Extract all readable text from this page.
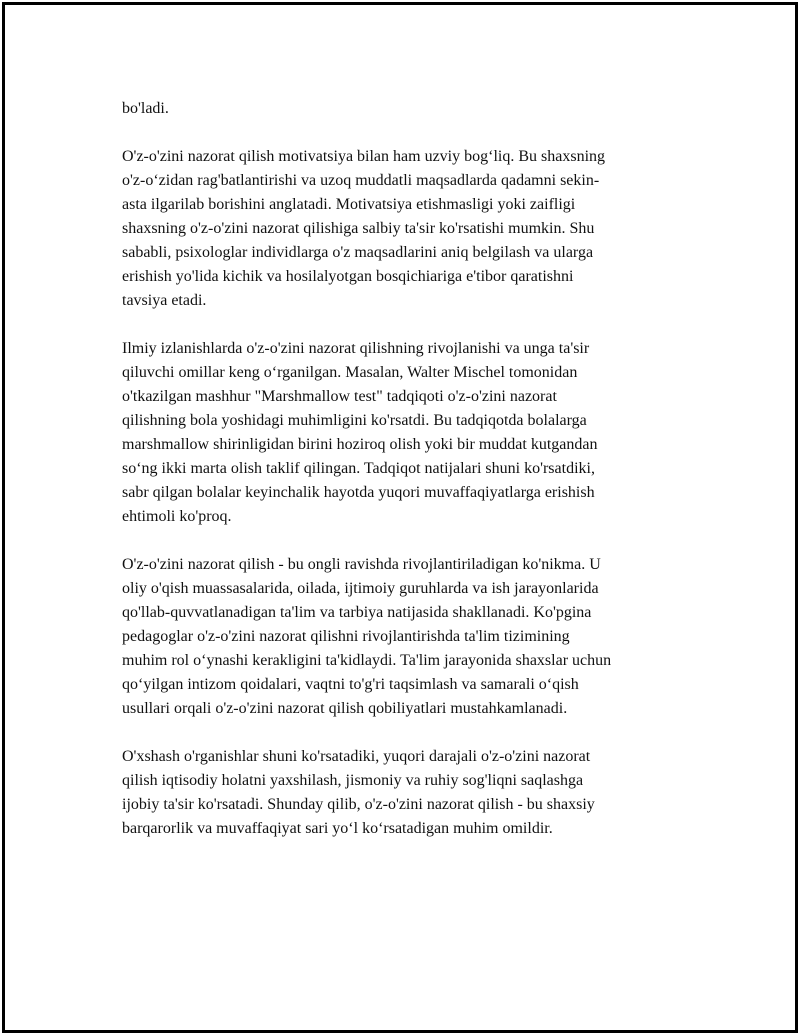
bo'ladi.

O'z-o'zini nazorat qilish motivatsiya bilan ham uzviy bog‘liq. Bu shaxsning
o'z-o‘zidan rag'batlantirishi va uzoq muddatli maqsadlarda qadamni sekin-
asta ilgarilab borishini anglatadi. Motivatsiya etishmasligi yoki zaifligi
shaxsning o'z-o'zini nazorat qilishiga salbiy ta'sir ko'rsatishi mumkin. Shu
sababli, psixologlar individlarga o'z maqsadlarini aniq belgilash va ularga
erishish yo'lida kichik va hosilalyotgan bosqichiariga e'tibor qaratishni
tavsiya etadi.

Ilmiy izlanishlarda o'z-o'zini nazorat qilishning rivojlanishi va unga ta'sir
qiluvchi omillar keng o‘rganilgan. Masalan, Walter Mischel tomonidan
o'tkazilgan mashhur "Marshmallow test" tadqiqoti o'z-o'zini nazorat
qilishning bola yoshidagi muhimligini ko'rsatdi. Bu tadqiqotda bolalarga
marshmallow shirinligidan birini hoziroq olish yoki bir muddat kutgandan
so‘ng ikki marta olish taklif qilingan. Tadqiqot natijalari shuni ko'rsatdiki,
sabr qilgan bolalar keyinchalik hayotda yuqori muvaffaqiyatlarga erishish
ehtimoli ko'proq.

O'z-o'zini nazorat qilish - bu ongli ravishda rivojlantiriladigan ko'nikma. U
oliy o'qish muassasalarida, oilada, ijtimoiy guruhlarda va ish jarayonlarida
qo'llab-quvvatlanadigan ta'lim va tarbiya natijasida shakllanadi. Ko'pgina
pedagoglar o'z-o'zini nazorat qilishni rivojlantirishda ta'lim tizimining
muhim rol o‘ynashi kerakligini ta'kidlaydi. Ta'lim jarayonida shaxslar uchun
qo‘yilgan intizom qoidalari, vaqtni to'g'ri taqsimlash va samarali o‘qish
usullari orqali o'z-o'zini nazorat qilish qobiliyatlari mustahkamlanadi.

O'xshash o'rganishlar shuni ko'rsatadiki, yuqori darajali o'z-o'zini nazorat
qilish iqtisodiy holatni yaxshilash, jismoniy va ruhiy sog'liqni saqlashga
ijobiy ta'sir ko'rsatadi. Shunday qilib, o'z-o'zini nazorat qilish - bu shaxsiy
barqarorlik va muvaffaqiyat sari yo‘l ko‘rsatadigan muhim omildir.
